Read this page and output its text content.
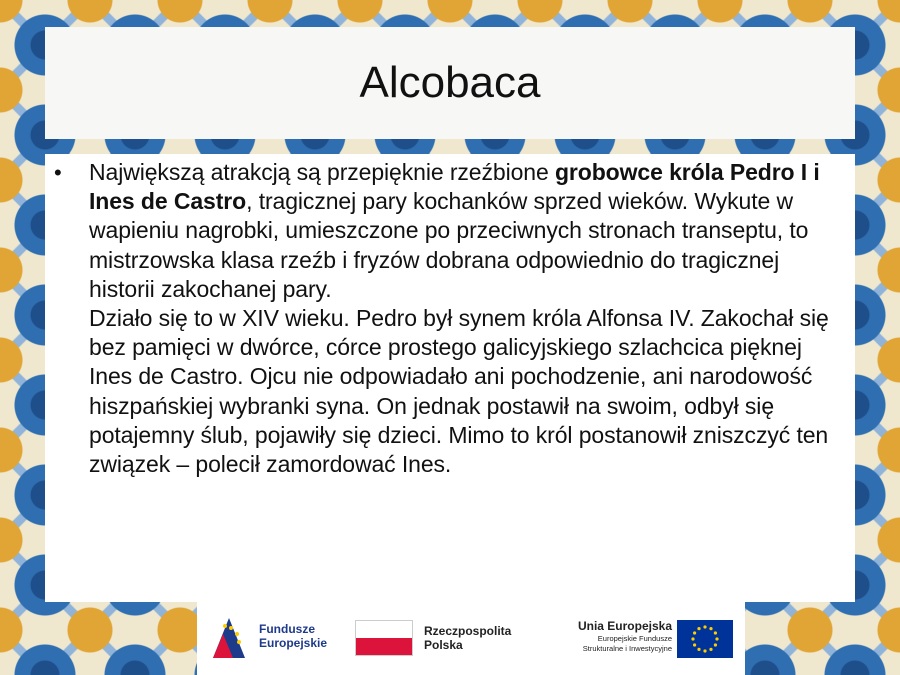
Alcobaca
• Największą atrakcją są przepięknie rzeźbione grobowce króla Pedro I i Ines de Castro, tragicznej pary kochanków sprzed wieków. Wykute w wapieniu nagrobki, umieszczone po przeciwnych stronach transeptu, to mistrzowska klasa rzeźb i fryzów dobrana odpowiednio do tragicznej historii zakochanej pary.
Działo się to w XIV wieku. Pedro był synem króla Alfonsa IV. Zakochał się bez pamięci w dwórce, córce prostego galicyjskiego szlachcica pięknej Ines de Castro. Ojcu nie odpowiadało ani pochodzenie, ani narodowość hiszpańskiej wybranki syna. On jednak postawił na swoim, odbył się potajemny ślub, pojawiły się dzieci. Mimo to król postanowił zniszczyć ten związek – polecił zamordować Ines.
Fundusze
Europejskie
Rzeczpospolita
Polska
Unia Europejska
Europejskie Fundusze
Strukturalne i Inwestycyjne
